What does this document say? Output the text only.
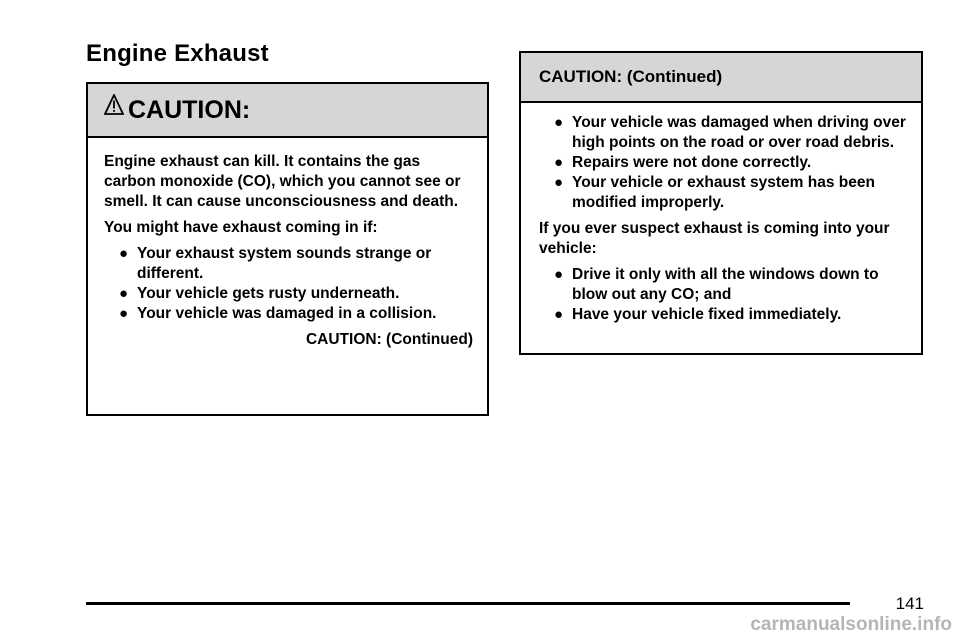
Engine Exhaust
CAUTION:

Engine exhaust can kill. It contains the gas carbon monoxide (CO), which you cannot see or smell. It can cause unconsciousness and death.

You might have exhaust coming in if:

● Your exhaust system sounds strange or different.
● Your vehicle gets rusty underneath.
● Your vehicle was damaged in a collision.
CAUTION: (Continued)
CAUTION: (Continued)
● Your vehicle was damaged when driving over high points on the road or over road debris.
● Repairs were not done correctly.
● Your vehicle or exhaust system has been modified improperly.

If you ever suspect exhaust is coming into your vehicle:

● Drive it only with all the windows down to blow out any CO; and
● Have your vehicle fixed immediately.
141
carmanualsonline.info
